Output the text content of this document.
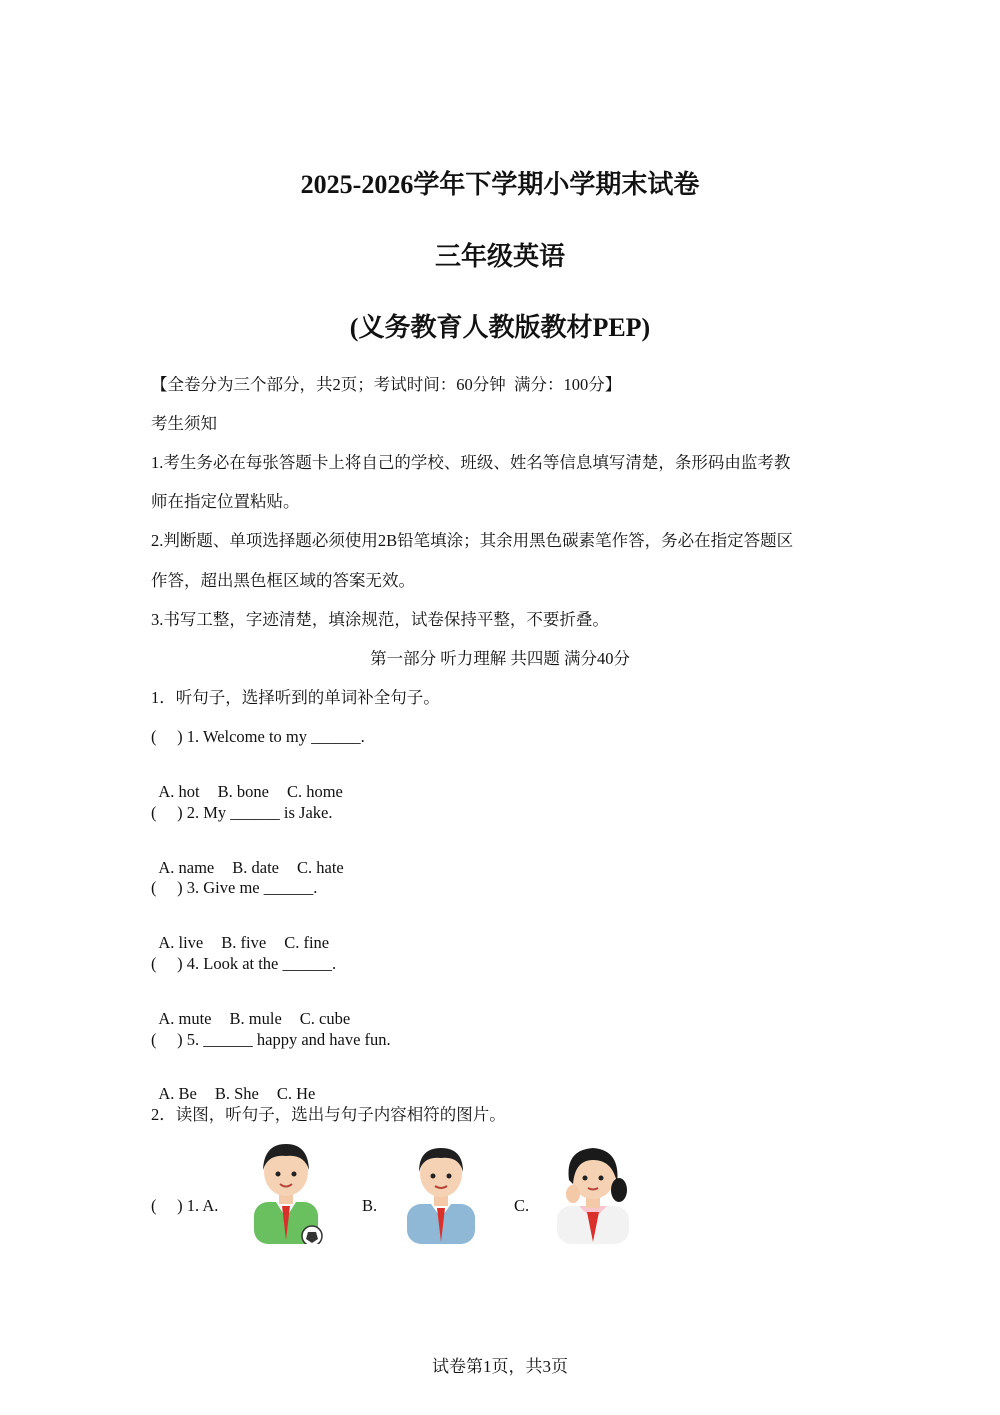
2025-2026学年下学期小学期末试卷
三年级英语
(义务教育人教版教材PEP)
【全卷分为三个部分，共2页；考试时间：60分钟  满分：100分】
考生须知
1.考生务必在每张答题卡上将自己的学校、班级、姓名等信息填写清楚，条形码由监考教
师在指定位置粘贴。
2.判断题、单项选择题必须使用2B铅笔填涂；其余用黑色碳素笔作答，务必在指定答题区
作答，超出黑色框区域的答案无效。
3.书写工整，字迹清楚，填涂规范，试卷保持平整，不要折叠。
第一部分 听力理解 共四题 满分40分
1．听句子，选择听到的单词补全句子。
(     ) 1. Welcome to my ______.

A. hot B. bone C. home

(     ) 2. My ______ is Jake.

A. name B. date C. hate

(     ) 3. Give me ______.

A. live B. five C. fine

(     ) 4. Look at the ______.

A. mute B. mule C. cube

(     ) 5. ______ happy and have fun.

A. Be B. She C. He

2．读图，听句子，选出与句子内容相符的图片。
(     ) 1. A.	B.	C.
试卷第1页，共3页
